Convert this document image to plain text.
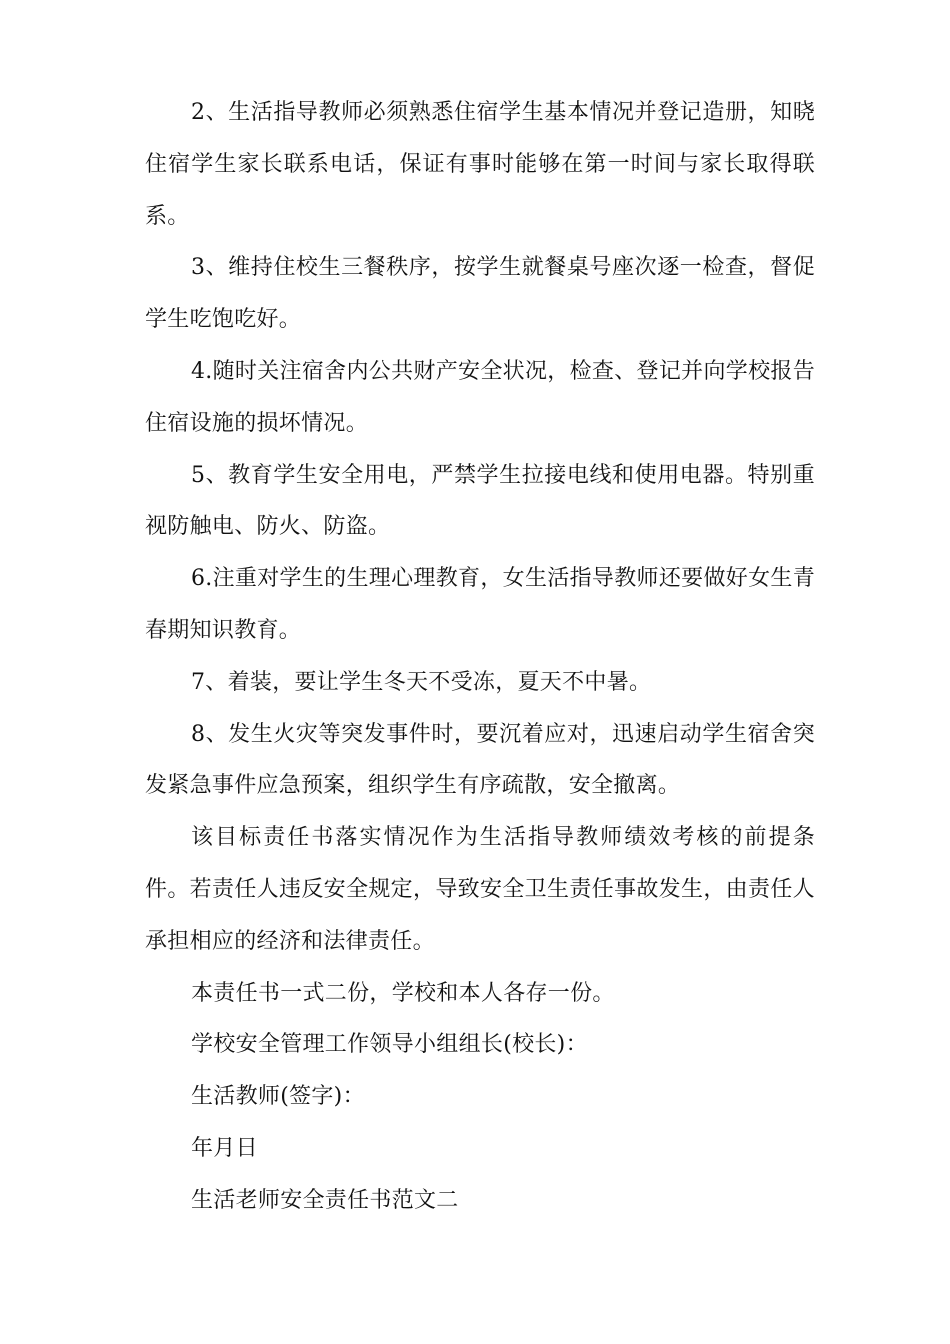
2、生活指导教师必须熟悉住宿学生基本情况并登记造册，知晓住宿学生家长联系电话，保证有事时能够在第一时间与家长取得联系。

3、维持住校生三餐秩序，按学生就餐桌号座次逐一检查，督促学生吃饱吃好。

4.随时关注宿舍内公共财产安全状况，检查、登记并向学校报告住宿设施的损坏情况。

5、教育学生安全用电，严禁学生拉接电线和使用电器。特别重视防触电、防火、防盗。

6.注重对学生的生理心理教育，女生活指导教师还要做好女生青春期知识教育。

7、着装，要让学生冬天不受冻，夏天不中暑。

8、发生火灾等突发事件时，要沉着应对，迅速启动学生宿舍突发紧急事件应急预案，组织学生有序疏散，安全撤离。

该目标责任书落实情况作为生活指导教师绩效考核的前提条件。若责任人违反安全规定，导致安全卫生责任事故发生，由责任人承担相应的经济和法律责任。

本责任书一式二份，学校和本人各存一份。

学校安全管理工作领导小组组长(校长)：

生活教师(签字)：

年月日

生活老师安全责任书范文二
